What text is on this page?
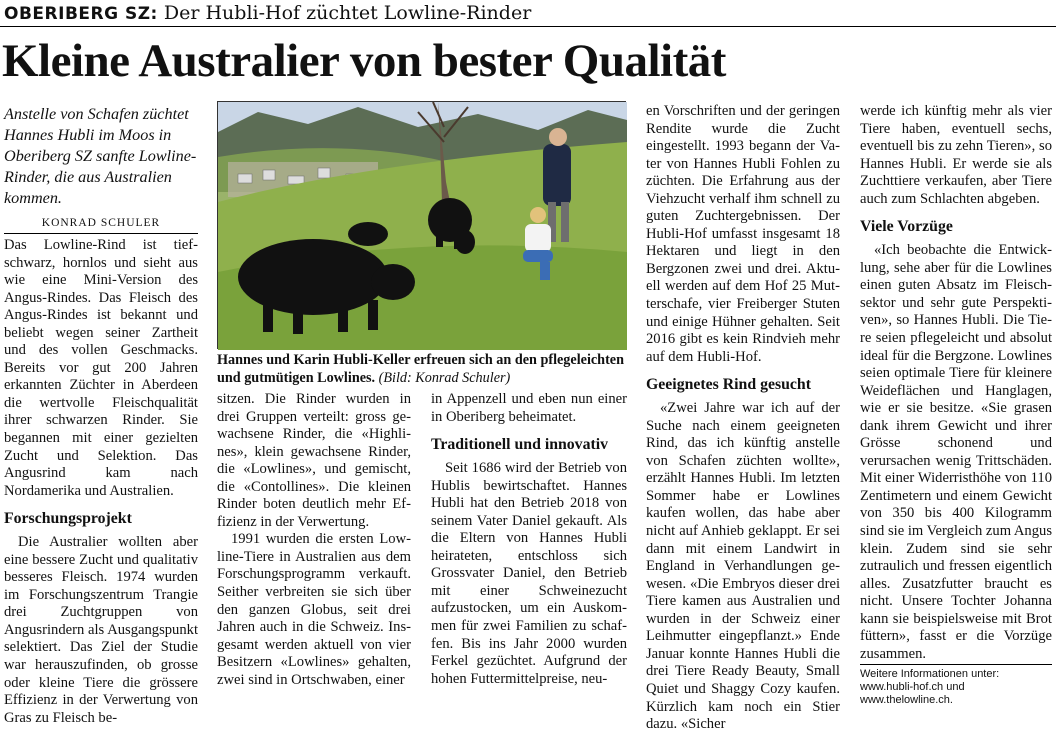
OBERIBERG SZ: Der Hubli-Hof züchtet Lowline-Rinder
Kleine Australier von bester Qualität
Anstelle von Schafen züchtet Hannes Hubli im Moos in Oberiberg SZ sanfte Lowline-Rinder, die aus Australien kommen.
KONRAD SCHULER

Das Lowline-Rind ist tiefschwarz, hornlos und sieht aus wie eine Mini-Version des Angus-Rindes. Das Fleisch des Angus-Rindes ist bekannt und beliebt wegen seiner Zartheit und des vollen Geschmacks. Bereits vor gut 200 Jahren erkannten Züchter in Aberdeen die wertvolle Fleischqualität ihrer schwarzen Rinder. Sie begannen mit einer gezielten Zucht und Selektion. Das Angusrind kam nach Nordamerika und Australien.

Forschungsprojekt

Die Australier wollten aber eine bessere Zucht und qualitativ besseres Fleisch. 1974 wurden im Forschungszentrum Trangie drei Zuchtgruppen von Angusrindern als Ausgangspunkt selektiert. Das Ziel der Studie war herauszufinden, ob grosse oder kleine Tiere die grössere Effizienz in der Verwertung von Gras zu Fleisch be-

Hannes und Karin Hubli-Keller erfreuen sich an den pflegeleichten und gutmütigen Lowlines. (Bild: Konrad Schuler)

sitzen. Die Rinder wurden in drei Gruppen verteilt: gross gewachsene Rinder, die «Highlines», klein gewachsene Rinder, die «Lowlines», und gemischt, die «Contollines». Die kleinen Rinder boten deutlich mehr Effizienz in der Verwertung.

1991 wurden die ersten Lowline-Tiere in Australien aus dem Forschungsprogramm verkauft. Seither verbreiten sie sich über den ganzen Globus, seit drei Jahren auch in die Schweiz. Insgesamt werden aktuell von vier Besitzern «Lowlines» gehalten, zwei sind in Ortschwaben, einer

in Appenzell und eben nun einer in Oberiberg beheimatet.

Traditionell und innovativ

Seit 1686 wird der Betrieb von Hublis bewirtschaftet. Hannes Hubli hat den Betrieb 2018 von seinem Vater Daniel gekauft. Als die Eltern von Hannes Hubli heirateten, entschloss sich Grossvater Daniel, den Betrieb mit einer Schweinezucht aufzustocken, um ein Auskommen für zwei Familien zu schaffen. Bis ins Jahr 2000 wurden Ferkel gezüchtet. Aufgrund der hohen Futtermittelpreise, neu-

en Vorschriften und der geringen Rendite wurde die Zucht eingestellt. 1993 begann der Vater von Hannes Hubli Fohlen zu züchten. Die Erfahrung aus der Viehzucht verhalf ihm schnell zu guten Zuchtergebnissen. Der Hubli-Hof umfasst insgesamt 18 Hektaren und liegt in den Bergzonen zwei und drei. Aktuell werden auf dem Hof 25 Mutterschafe, vier Freiberger Stuten und einige Hühner gehalten. Seit 2016 gibt es kein Rindvieh mehr auf dem Hubli-Hof.

Geeignetes Rind gesucht

«Zwei Jahre war ich auf der Suche nach einem geeigneten Rind, das ich künftig anstelle von Schafen züchten wollte», erzählt Hannes Hubli. Im letzten Sommer habe er Lowlines kaufen wollen, das habe aber nicht auf Anhieb geklappt. Er sei dann mit einem Landwirt in England in Verhandlungen gewesen. «Die Embryos dieser drei Tiere kamen aus Australien und wurden in der Schweiz einer Leihmutter eingepflanzt.» Ende Januar konnte Hannes Hubli die drei Tiere Ready Beauty, Small Quiet und Shaggy Cozy kaufen. Kürzlich kam noch ein Stier dazu. «Sicher

werde ich künftig mehr als vier Tiere haben, eventuell sechs, eventuell bis zu zehn Tieren», so Hannes Hubli. Er werde sie als Zuchttiere verkaufen, aber Tiere auch zum Schlachten abgeben.

Viele Vorzüge

«Ich beobachte die Entwicklung, sehe aber für die Lowlines einen guten Absatz im Fleischsektor und sehr gute Perspektiven», so Hannes Hubli. Die Tiere seien pflegeleicht und absolut ideal für die Bergzone. Lowlines seien optimale Tiere für kleinere Weideflächen und Hanglagen, wie er sie besitze. «Sie grasen dank ihrem Gewicht und ihrer Grösse schonend und verursachen wenig Trittschäden. Mit einer Widerristhöhe von 110 Zentimetern und einem Gewicht von 350 bis 400 Kilogramm sind sie im Vergleich zum Angus klein. Zudem sind sie sehr zutraulich und fressen eigentlich alles. Zusatzfutter braucht es nicht. Unsere Tochter Johanna kann sie beispielsweise mit Brot füttern», fasst er die Vorzüge zusammen.

Weitere Informationen unter: www.hubli-hof.ch und www.thelowline.ch.
